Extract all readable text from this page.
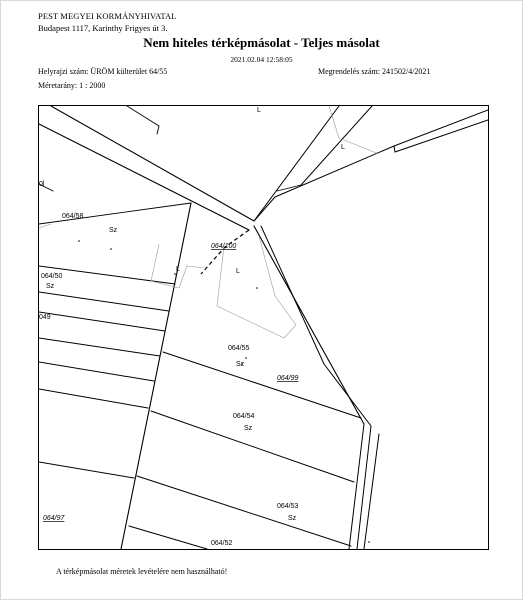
PEST MEGYEI KORMÁNYHIVATAL
Budapest 1117, Karinthy Frigyes út 3.
Nem hiteles térképmásolat - Teljes másolat
2021.02.04 12:58:05
Helyrajzi szám: ÜRÖM külterület 64/55	Megrendelés szám: 241502/4/2021
Méretarány: 1 : 2000
064/58
Sz
064/50
Sz
049
064/55
Sz
064/54
Sz
064/53
Sz
064/52
064/100
064/99
064/97
L
L
L	L
0l
A térképmásolat méretek levételére nem használható!
